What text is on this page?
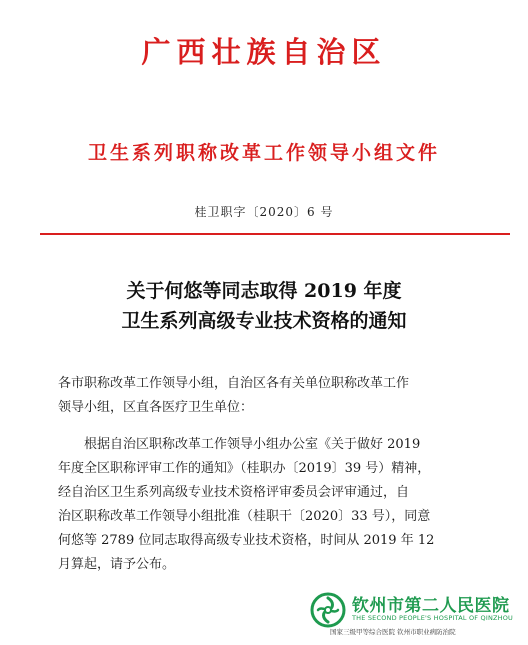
广西壮族自治区
卫生系列职称改革工作领导小组文件
桂卫职字〔2020〕6 号
关于何悠等同志取得 2019 年度
卫生系列高级专业技术资格的通知
各市职称改革工作领导小组，自治区各有关单位职称改革工作
领导小组，区直各医疗卫生单位：
根据自治区职称改革工作领导小组办公室《关于做好 2019
年度全区职称评审工作的通知》（桂职办〔2019〕39 号）精神，
经自治区卫生系列高级专业技术资格评审委员会评审通过，自
治区职称改革工作领导小组批准（桂职干〔2020〕33 号），同意
何悠等 2789 位同志取得高级专业技术资格，时间从 2019 年 12
月算起，请予公布。
钦州市第二人民医院
THE SECOND PEOPLE'S HOSPITAL OF QINZHOU
国家三级甲等综合医院 钦州市职业病防治院
